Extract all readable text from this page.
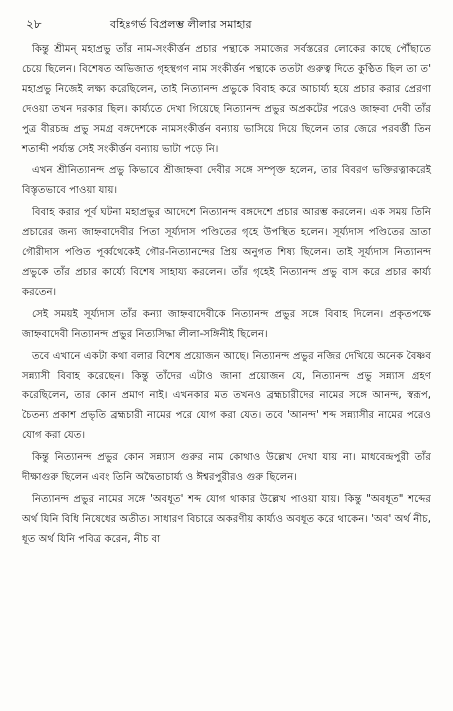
২৮	বহিঃগর্ভ বিপ্রলম্ভ লীলার সমাহার

কিন্তু শ্রীমন্ মহাপ্রভু তাঁর নাম-সংকীর্ত্তন প্রচার পন্থাকে সমাজের সর্বস্তরের লোকের কাছে পৌঁছাতে চেয়ে ছিলেন। বিশেষত অভিজাত গৃহস্থগণ নাম সংকীর্ত্তন পন্থাকে ততটা গুরুত্ব দিতে কুণ্ঠিত ছিল তা ত' মহাপ্রভু নিজেই লক্ষ্য করেছিলেন, তাই নিত্যানন্দ প্রভুকে বিবাহ করে আচার্য্য হয়ে প্রচার করার প্রেরণা দেওয়া তখন দরকার ছিল। কার্য্যতে দেখা গিয়েছে নিত্যানন্দ প্রভুর অপ্রকটের পরেও জাহ্নবা দেবী তাঁর পুত্র বীরচন্দ্র প্রভু সমগ্র বঙ্গদেশকে নামসংকীর্ত্তন বন্যায় ভাসিয়ে দিয়ে ছিলেন তার জেরে পরবর্ত্তী তিন শতাব্দী পর্য্যন্ত সেই সংকীর্ত্তন বন্যায় ভাটা পড়ে নি।

এখন শ্রীনিত্যানন্দ প্রভু কিভাবে শ্রীজাহ্নবা দেবীর সঙ্গে সম্পৃক্ত হলেন, তার বিবরণ ভক্তিরত্নাকরেই বিস্তৃতভাবে পাওয়া যায়।

বিবাহ করার পূর্ব ঘটনা মহাপ্রভুর আদেশে নিত্যানন্দ বঙ্গদেশে প্রচার আরম্ভ করলেন। এক সময় তিনি প্রচারের জন্য জাহ্নবাদেবীর পিতা সূর্য্যদাস পণ্ডিতের গৃহে উপস্থিত হলেন। সূর্য্যদাস পণ্ডিতের ভ্রাতা গৌরীদাস পণ্ডিত পূর্ব্বথেকেই গৌর-নিত্যানন্দের প্রিয় অনুগত শিষ্য ছিলেন। তাই সূর্য্যদাস নিত্যানন্দ প্রভুকে তাঁর প্রচার কার্য্যে বিশেষ সাহায্য করলেন। তাঁর গৃহেই নিত্যানন্দ প্রভু বাস করে প্রচার কার্য্য করতেন।

সেই সময়ই সূর্য্যদাস তাঁর কন্যা জাহ্নবাদেবীকে নিত্যানন্দ প্রভুর সঙ্গে বিবাহ দিলেন। প্রকৃতপক্ষে জাহ্নবাদেবী নিত্যানন্দ প্রভুর নিত্যসিদ্ধা লীলা-সঙ্গিনীই ছিলেন।

তবে এখানে একটা কথা বলার বিশেষ প্রয়োজন আছে। নিত্যানন্দ প্রভুর নজির দেখিয়ে অনেক বৈষ্ণব সন্ন্যাসী বিবাহ করেছেন। কিন্তু তাঁদের এটাও জানা প্রয়োজন যে, নিত্যানন্দ প্রভু সন্ন্যাস গ্রহণ করেছিলেন, তার কোন প্রমাণ নাই। এখনকার মত তখনও ব্রহ্মচারীদের নামের সঙ্গে আনন্দ, স্বরূপ, চৈতন্য প্রকাশ প্রভৃতি ব্রহ্মচারী নামের পরে যোগ করা যেত। তবে 'আনন্দ' শব্দ সন্ন্যাসীর নামের পরেও যোগ করা যেত।

কিন্তু নিত্যানন্দ প্রভুর কোন সন্ন্যাস গুরুর নাম কোথাও উল্লেখ দেখা যায় না। মাধবেন্দ্রপুরী তাঁর দীক্ষাগুরু ছিলেন এবং তিনি অদ্বৈতাচার্য্য ও ঈশ্বরপুরীরও গুরু ছিলেন।

নিত্যানন্দ প্রভুর নামের সঙ্গে 'অবধূত' শব্দ যোগ থাকার উল্লেখ পাওয়া যায়। কিন্তু "অবধূত" শব্দের অর্থ যিনি বিধি নিষেধের অতীত। সাধারণ বিচারে অকরণীয় কার্য্যও অবধূত করে থাকেন। 'অব' অর্থ নীচ, ধূত অর্থ যিনি পবিত্র করেন, নীচ বা
